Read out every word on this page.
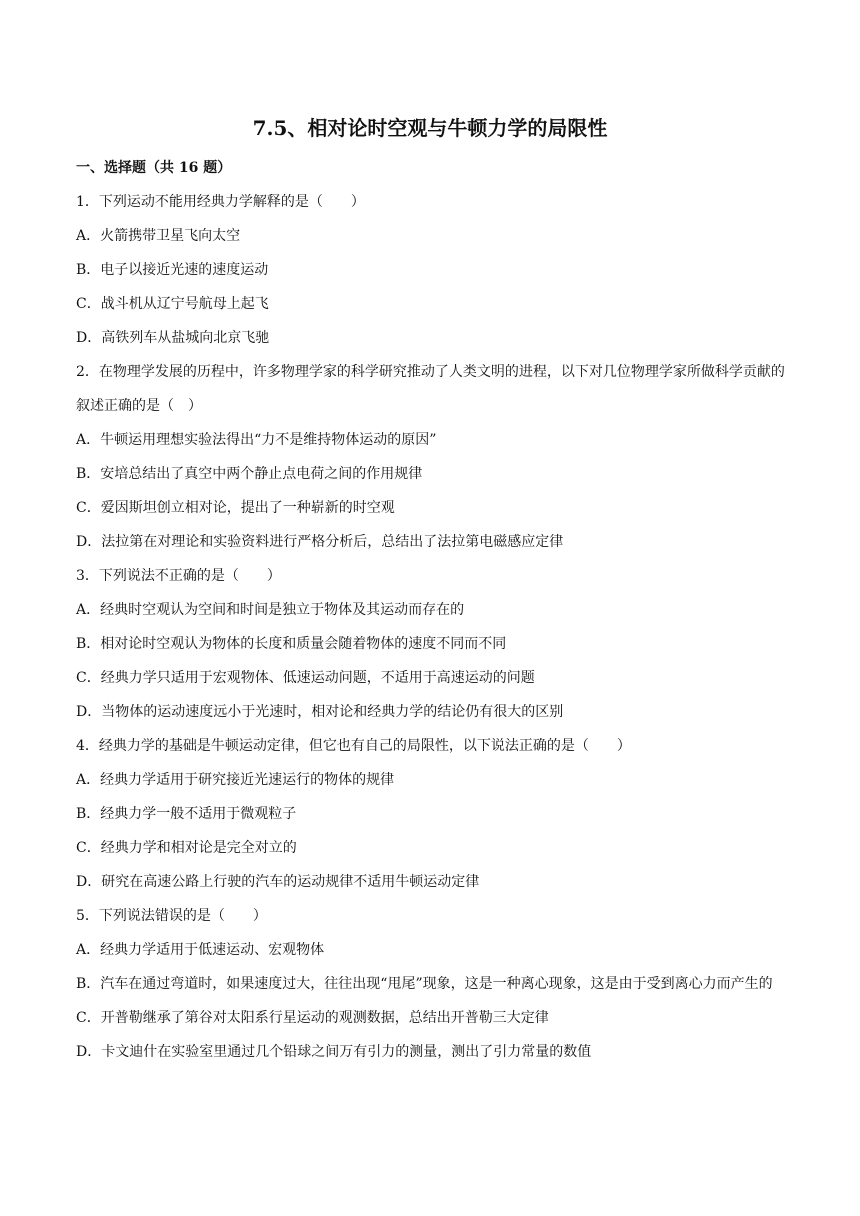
7.5、相对论时空观与牛顿力学的局限性
一、选择题（共 16 题）
1．下列运动不能用经典力学解释的是（　　）
A．火箭携带卫星飞向太空
B．电子以接近光速的速度运动
C．战斗机从辽宁号航母上起飞
D．高铁列车从盐城向北京飞驰
2．在物理学发展的历程中，许多物理学家的科学研究推动了人类文明的进程，以下对几位物理学家所做科学贡献的叙述正确的是（　）
A．牛顿运用理想实验法得出“力不是维持物体运动的原因”
B．安培总结出了真空中两个静止点电荷之间的作用规律
C．爱因斯坦创立相对论，提出了一种崭新的时空观
D．法拉第在对理论和实验资料进行严格分析后，总结出了法拉第电磁感应定律
3．下列说法不正确的是（　　）
A．经典时空观认为空间和时间是独立于物体及其运动而存在的
B．相对论时空观认为物体的长度和质量会随着物体的速度不同而不同
C．经典力学只适用于宏观物体、低速运动问题，不适用于高速运动的问题
D．当物体的运动速度远小于光速时，相对论和经典力学的结论仍有很大的区别
4．经典力学的基础是牛顿运动定律，但它也有自己的局限性，以下说法正确的是（　　）
A．经典力学适用于研究接近光速运行的物体的规律
B．经典力学一般不适用于微观粒子
C．经典力学和相对论是完全对立的
D．研究在高速公路上行驶的汽车的运动规律不适用牛顿运动定律
5．下列说法错误的是（　　）
A．经典力学适用于低速运动、宏观物体
B．汽车在通过弯道时，如果速度过大，往往出现“甩尾”现象，这是一种离心现象，这是由于受到离心力而产生的
C．开普勒继承了第谷对太阳系行星运动的观测数据，总结出开普勒三大定律
D．卡文迪什在实验室里通过几个铅球之间万有引力的测量，测出了引力常量的数值
